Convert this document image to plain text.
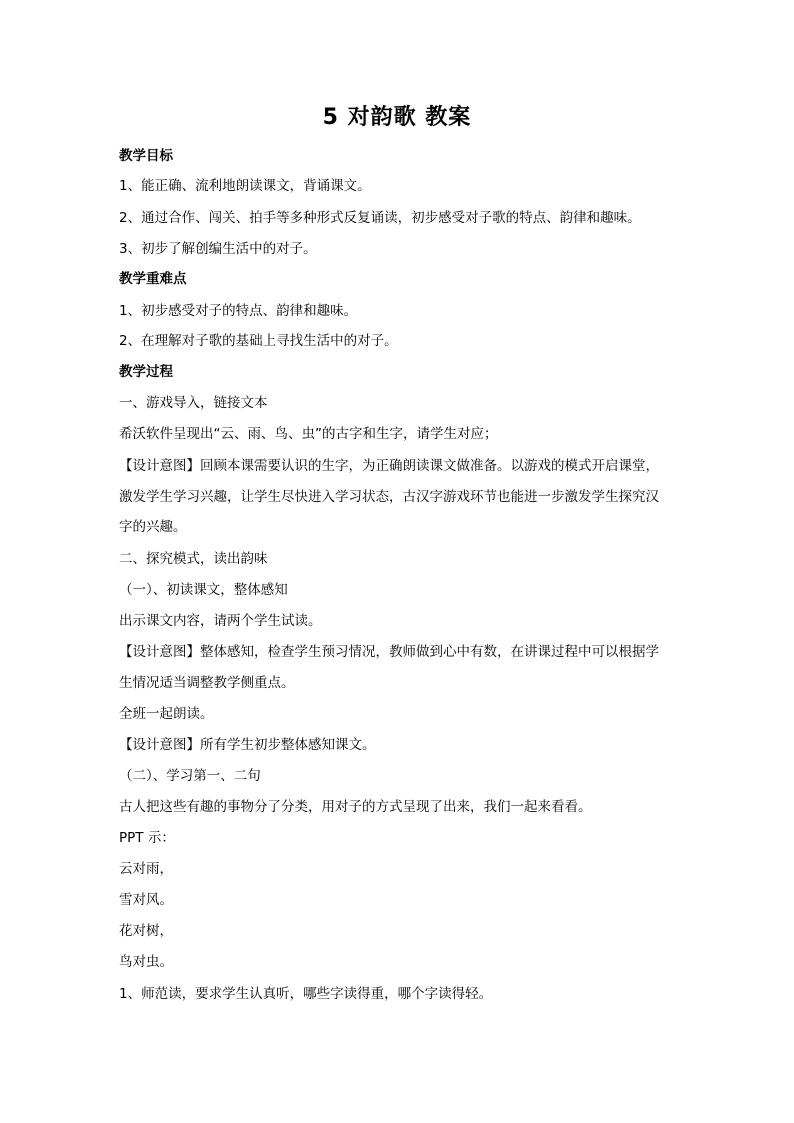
5 对韵歌 教案
教学目标
1、能正确、流利地朗读课文，背诵课文。
2、通过合作、闯关、拍手等多种形式反复诵读，初步感受对子歌的特点、韵律和趣味。
3、初步了解创编生活中的对子。
教学重难点
1、初步感受对子的特点、韵律和趣味。
2、在理解对子歌的基础上寻找生活中的对子。
教学过程
一、游戏导入，链接文本
希沃软件呈现出“云、雨、鸟、虫”的古字和生字，请学生对应；
【设计意图】回顾本课需要认识的生字，为正确朗读课文做准备。以游戏的模式开启课堂，
激发学生学习兴趣，让学生尽快进入学习状态，古汉字游戏环节也能进一步激发学生探究汉
字的兴趣。
二、探究模式，读出韵味
（一）、初读课文，整体感知
出示课文内容，请两个学生试读。
【设计意图】整体感知，检查学生预习情况，教师做到心中有数，在讲课过程中可以根据学
生情况适当调整教学侧重点。
全班一起朗读。
【设计意图】所有学生初步整体感知课文。
（二）、学习第一、二句
古人把这些有趣的事物分了分类，用对子的方式呈现了出来，我们一起来看看。
PPT 示：
云对雨，
雪对风。
花对树，
鸟对虫。
1、师范读，要求学生认真听，哪些字读得重，哪个字读得轻。
